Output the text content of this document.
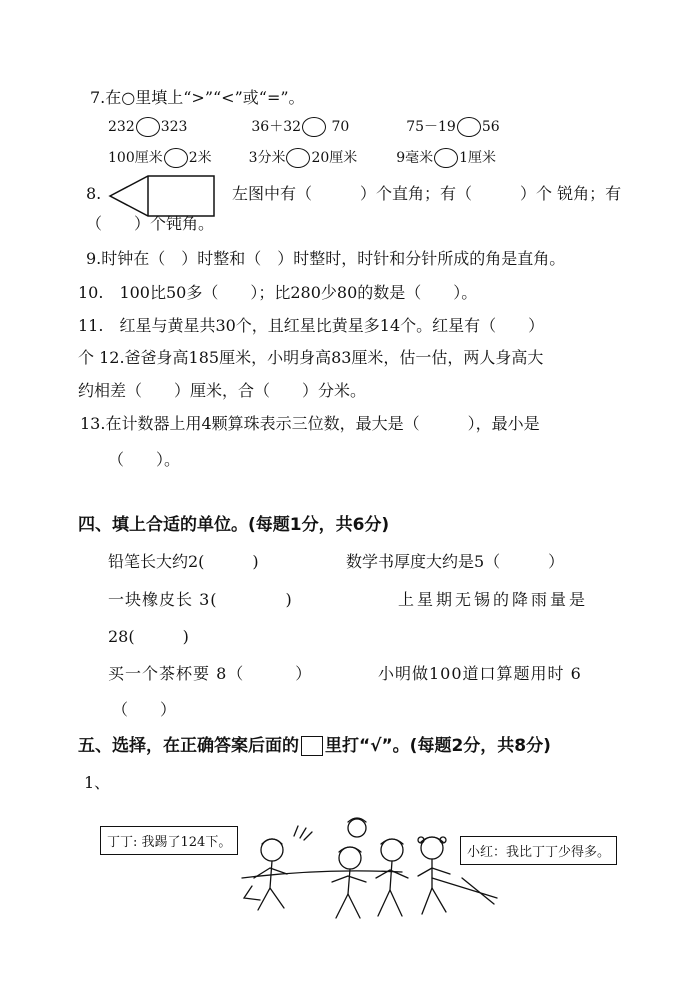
7.在○里填上“>”“<”或“=”。
232 323	36＋32 70	75－19 56
100厘米 2米	3分米 20厘米	9毫米 1厘米
8.	左图中有（　　　）个直角；有（　　　）个 锐角；有
（　　）个钝角。
9.时钟在（　）时整和（　）时整时，时针和分针所成的角是直角。
10.　100比50多（　　）；比280少80的数是（　　）。
11.　红星与黄星共30个，且红星比黄星多14个。红星有（　　）
个 12.爸爸身高185厘米，小明身高83厘米，估一估，两人身高大
约相差（　　）厘米，合（　　）分米。
13.在计数器上用4颗算珠表示三位数，最大是（　　　），最小是
（　　）。
四、填上合适的单位。(每题1分，共6分)
铅笔长大约2(　　　)	数学书厚度大约是5（　　　）
一块橡皮长 3(　　　　)	上星期无锡的降雨量是
28(　　　)
买一个茶杯要 8（　　　）	小明做100道口算题用时 6
（　　）
五、选择，在正确答案后面的 里打“√”。(每题2分，共8分)
1、
丁丁: 我踢了124下。
小红：我比丁丁少得多。
